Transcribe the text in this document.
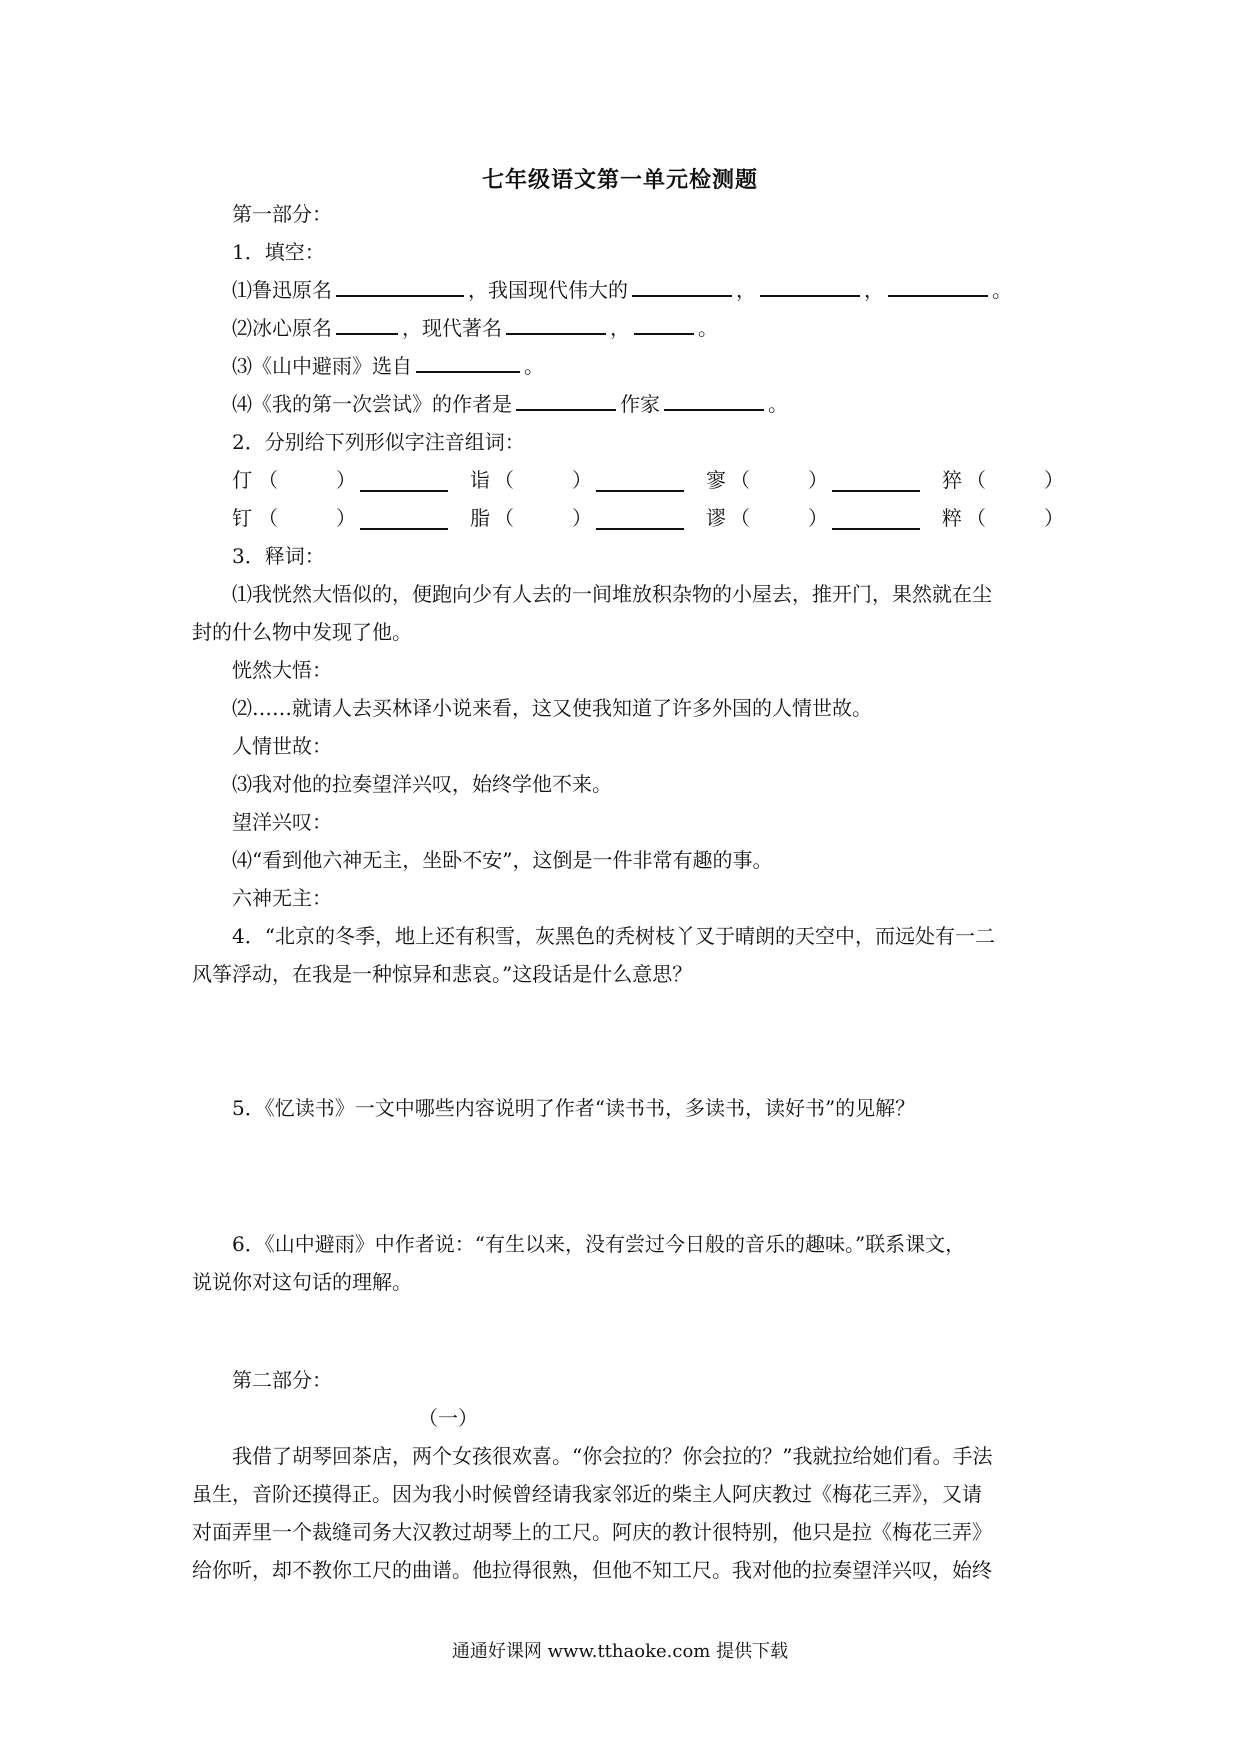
七年级语文第一单元检测题
第一部分：
1．填空：
⑴鲁迅原名	，我国现代伟大的	，	，	。
⑵冰心原名	，现代著名	，	。
⑶《山中避雨》选自	。
⑷《我的第一次尝试》的作者是	作家	。
2．分别给下列形似字注音组词：
仃 （	）	诣 （	）	寥 （	）	猝 （	）
钉 （	）	脂 （	）	谬 （	）	粹 （	）
3．释词：
⑴我恍然大悟似的，便跑向少有人去的一间堆放积杂物的小屋去，推开门，果然就在尘
封的什么物中发现了他。
恍然大悟：
⑵……就请人去买林译小说来看，这又使我知道了许多外国的人情世故。
人情世故：
⑶我对他的拉奏望洋兴叹，始终学他不来。
望洋兴叹：
⑷“看到他六神无主，坐卧不安”，这倒是一件非常有趣的事。
六神无主：
4．“北京的冬季，地上还有积雪，灰黑色的秃树枝丫叉于晴朗的天空中，而远处有一二
风筝浮动，在我是一种惊异和悲哀。”这段话是什么意思？
5．《忆读书》一文中哪些内容说明了作者“读书书，多读书，读好书”的见解？
6．《山中避雨》中作者说：“有生以来，没有尝过今日般的音乐的趣味。”联系课文，
说说你对这句话的理解。
第二部分：
（一）
我借了胡琴回茶店，两个女孩很欢喜。“你会拉的？你会拉的？”我就拉给她们看。手法
虽生，音阶还摸得正。因为我小时候曾经请我家邻近的柴主人阿庆教过《梅花三弄》，又请
对面弄里一个裁缝司务大汉教过胡琴上的工尺。阿庆的教计很特别，他只是拉《梅花三弄》
给你听，却不教你工尺的曲谱。他拉得很熟，但他不知工尺。我对他的拉奏望洋兴叹，始终
通通好课网 www.tthaoke.com 提供下载
